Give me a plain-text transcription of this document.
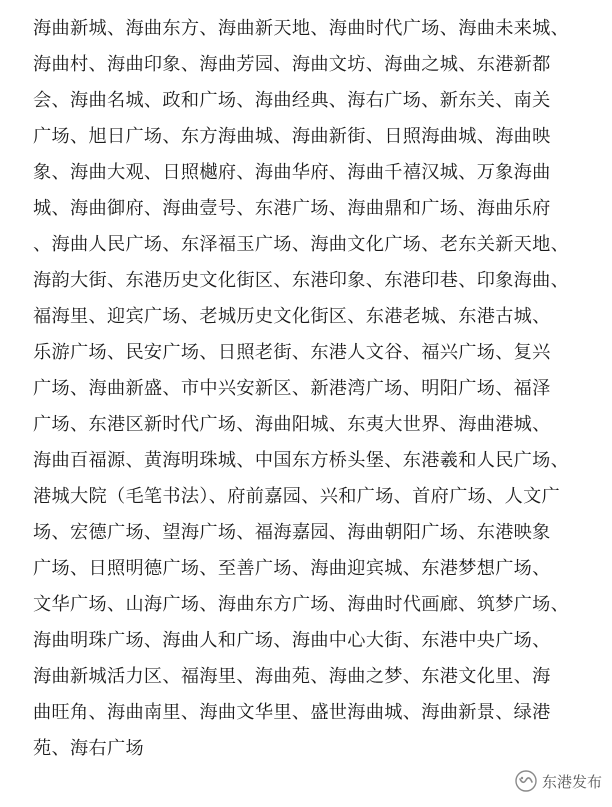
海曲新城、海曲东方、海曲新天地、海曲时代广场、海曲未来城、
海曲村、海曲印象、海曲芳园、海曲文坊、海曲之城、东港新都
会、海曲名城、政和广场、海曲经典、海右广场、新东关、南关
广场、旭日广场、东方海曲城、海曲新街、日照海曲城、海曲映
象、海曲大观、日照樾府、海曲华府、海曲千禧汉城、万象海曲
城、海曲御府、海曲壹号、东港广场、海曲鼎和广场、海曲乐府
、海曲人民广场、东泽福玉广场、海曲文化广场、老东关新天地、
海韵大街、东港历史文化街区、东港印象、东港印巷、印象海曲、
福海里、迎宾广场、老城历史文化街区、东港老城、东港古城、
乐游广场、民安广场、日照老街、东港人文谷、福兴广场、复兴
广场、海曲新盛、市中兴安新区、新港湾广场、明阳广场、福泽
广场、东港区新时代广场、海曲阳城、东夷大世界、海曲港城、
海曲百福源、黄海明珠城、中国东方桥头堡、东港羲和人民广场、
港城大院（毛笔书法）、府前嘉园、兴和广场、首府广场、人文广
场、宏德广场、望海广场、福海嘉园、海曲朝阳广场、东港映象
广场、日照明德广场、至善广场、海曲迎宾城、东港梦想广场、
文华广场、山海广场、海曲东方广场、海曲时代画廊、筑梦广场、
海曲明珠广场、海曲人和广场、海曲中心大街、东港中央广场、
海曲新城活力区、福海里、海曲苑、海曲之梦、东港文化里、海
曲旺角、海曲南里、海曲文华里、盛世海曲城、海曲新景、绿港
苑、海右广场
东港发布
